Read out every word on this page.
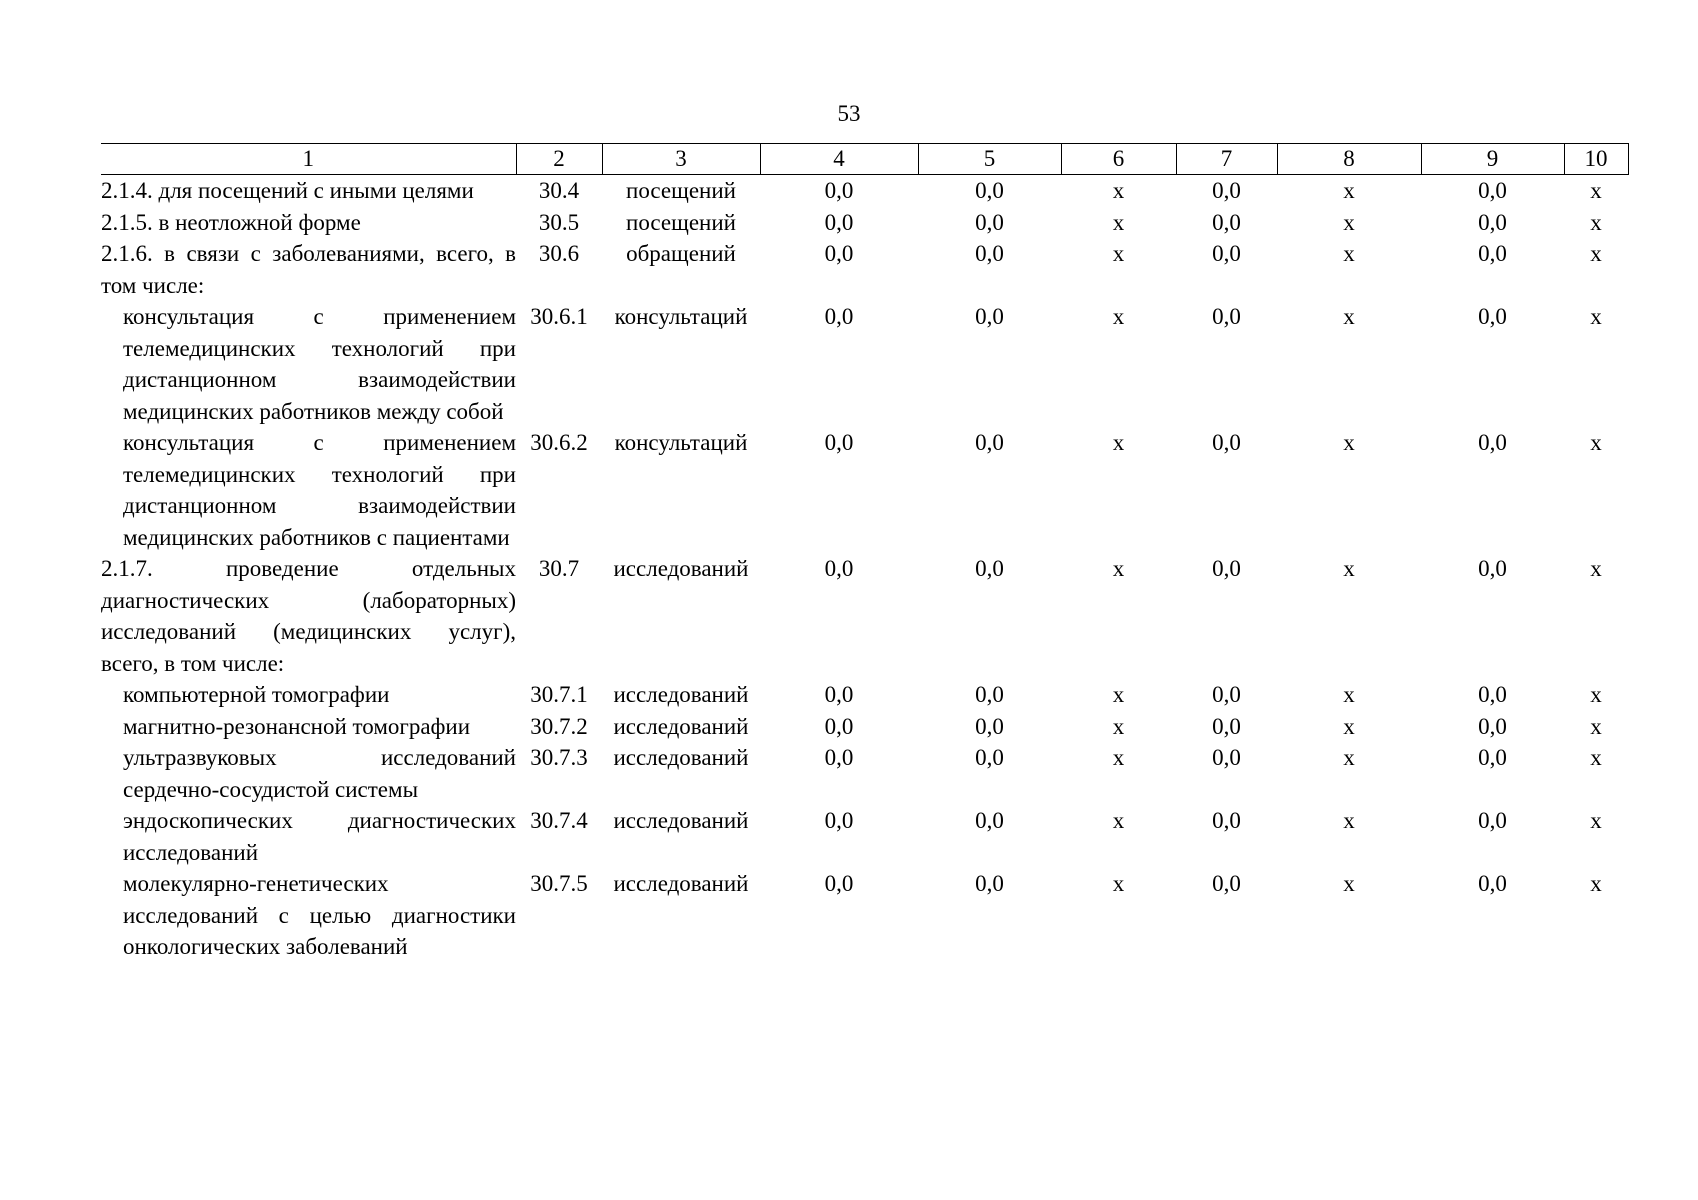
53
1	2	3	4	5	6	7	8	9	10
2.1.4. для посещений с иными целями	30.4	посещений	0,0	0,0	x	0,0	x	0,0	x
2.1.5. в неотложной форме	30.5	посещений	0,0	0,0	x	0,0	x	0,0	x
2.1.6. в связи с заболеваниями, всего, в том числе:	30.6	обращений	0,0	0,0	x	0,0	x	0,0	x
консультация с применением телемедицинских технологий при дистанционном взаимодействии медицинских работников между собой	30.6.1	консультаций	0,0	0,0	x	0,0	x	0,0	x
консультация с применением телемедицинских технологий при дистанционном взаимодействии медицинских работников с пациентами	30.6.2	консультаций	0,0	0,0	x	0,0	x	0,0	x
2.1.7. проведение отдельных диагностических (лабораторных) исследований (медицинских услуг), всего, в том числе:	30.7	исследований	0,0	0,0	x	0,0	x	0,0	x
компьютерной томографии	30.7.1	исследований	0,0	0,0	x	0,0	x	0,0	x
магнитно-резонансной томографии	30.7.2	исследований	0,0	0,0	x	0,0	x	0,0	x
ультразвуковых исследований сердечно-сосудистой системы	30.7.3	исследований	0,0	0,0	x	0,0	x	0,0	x
эндоскопических диагностических исследований	30.7.4	исследований	0,0	0,0	x	0,0	x	0,0	x
молекулярно-генетических исследований с целью диагностики онкологических заболеваний	30.7.5	исследований	0,0	0,0	x	0,0	x	0,0	x
